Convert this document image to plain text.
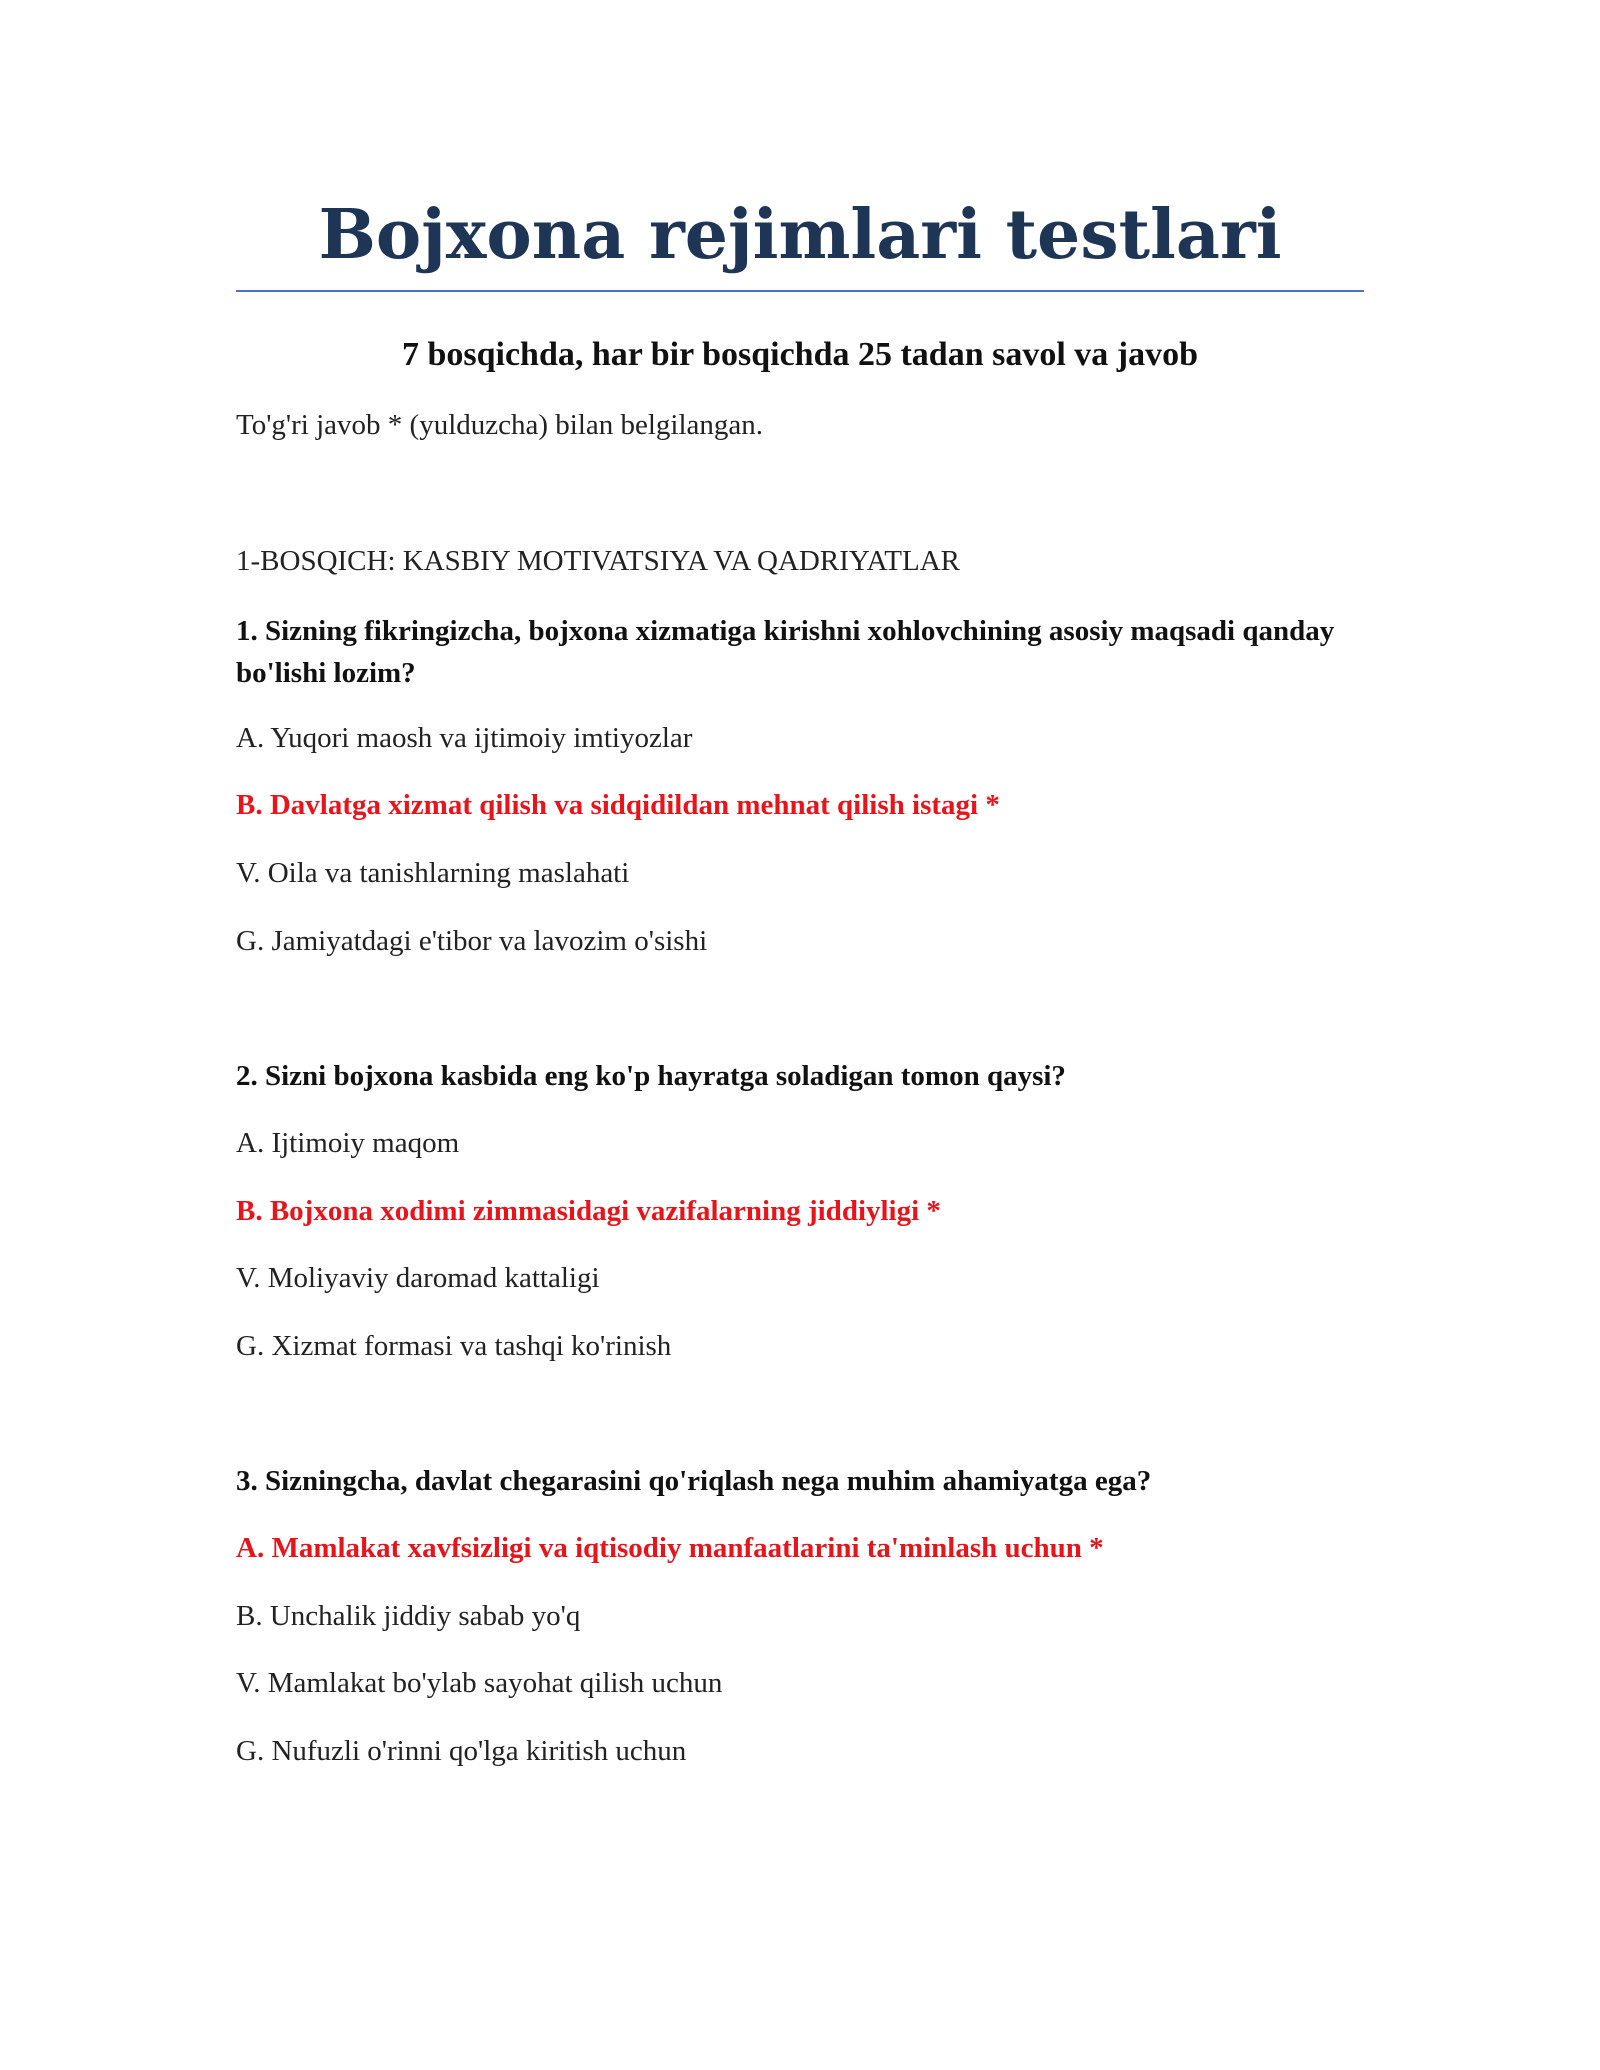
Bojxona rejimlari testlari
7 bosqichda, har bir bosqichda 25 tadan savol va javob

To'g'ri javob * (yulduzcha) bilan belgilangan.

1-BOSQICH: KASBIY MOTIVATSIYA VA QADRIYATLAR

1. Sizning fikringizcha, bojxona xizmatiga kirishni xohlovchining asosiy maqsadi qanday bo'lishi lozim?

A. Yuqori maosh va ijtimoiy imtiyozlar

B. Davlatga xizmat qilish va sidqidildan mehnat qilish istagi *

V. Oila va tanishlarning maslahati

G. Jamiyatdagi e'tibor va lavozim o'sishi

2. Sizni bojxona kasbida eng ko'p hayratga soladigan tomon qaysi?

A. Ijtimoiy maqom

B. Bojxona xodimi zimmasidagi vazifalarning jiddiyligi *

V. Moliyaviy daromad kattaligi

G. Xizmat formasi va tashqi ko'rinish

3. Sizningcha, davlat chegarasini qo'riqlash nega muhim ahamiyatga ega?

A. Mamlakat xavfsizligi va iqtisodiy manfaatlarini ta'minlash uchun *

B. Unchalik jiddiy sabab yo'q

V. Mamlakat bo'ylab sayohat qilish uchun

G. Nufuzli o'rinni qo'lga kiritish uchun
